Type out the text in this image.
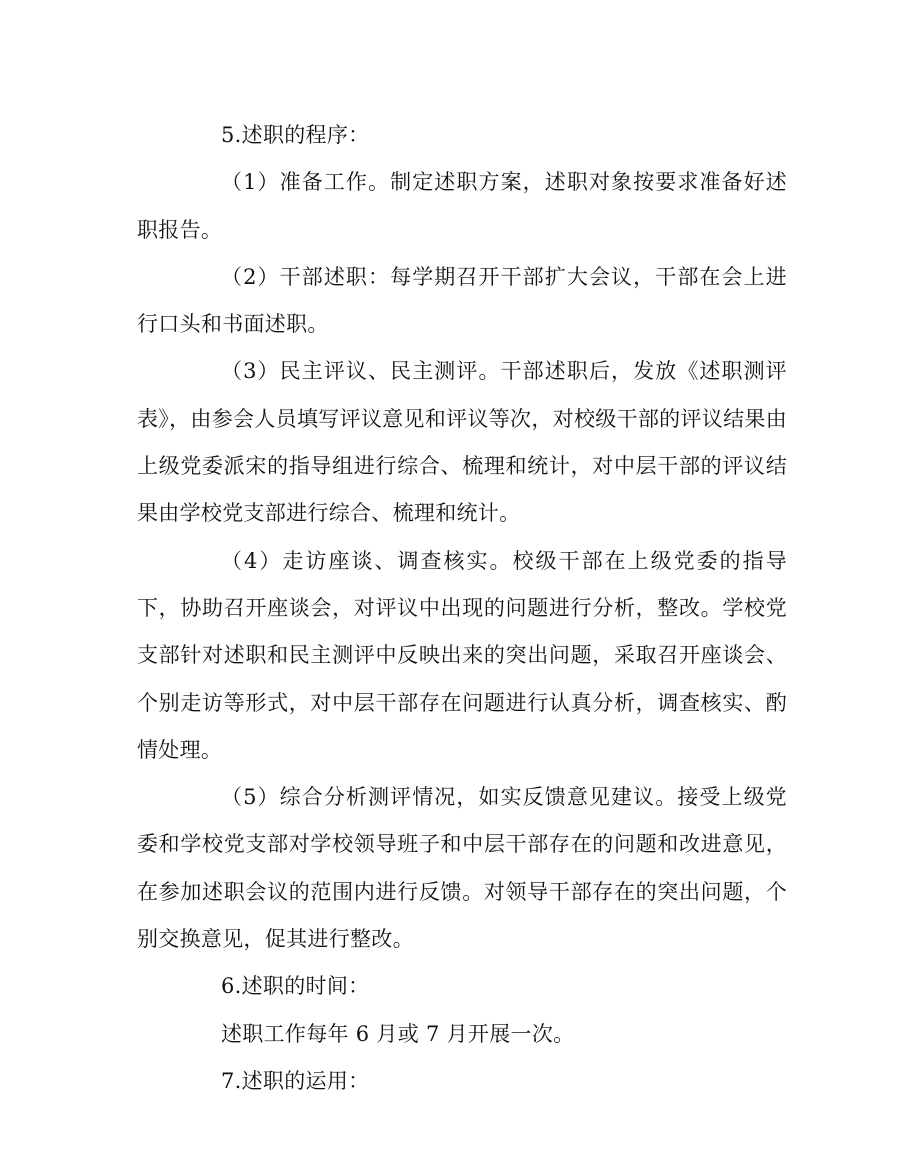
5.述职的程序：

（1）准备工作。制定述职方案，述职对象按要求准备好述职报告。

（2）干部述职：每学期召开干部扩大会议，干部在会上进行口头和书面述职。

（3）民主评议、民主测评。干部述职后，发放《述职测评表》，由参会人员填写评议意见和评议等次，对校级干部的评议结果由上级党委派宋的指导组进行综合、梳理和统计，对中层干部的评议结果由学校党支部进行综合、梳理和统计。

（4）走访座谈、调查核实。校级干部在上级党委的指导下，协助召开座谈会，对评议中出现的问题进行分析，整改。学校党支部针对述职和民主测评中反映出来的突出问题，采取召开座谈会、个别走访等形式，对中层干部存在问题进行认真分析，调查核实、酌情处理。

（5）综合分析测评情况，如实反馈意见建议。接受上级党委和学校党支部对学校领导班子和中层干部存在的问题和改进意见，在参加述职会议的范围内进行反馈。对领导干部存在的突出问题，个别交换意见，促其进行整改。

6.述职的时间：

述职工作每年 6 月或 7 月开展一次。

7.述职的运用：
